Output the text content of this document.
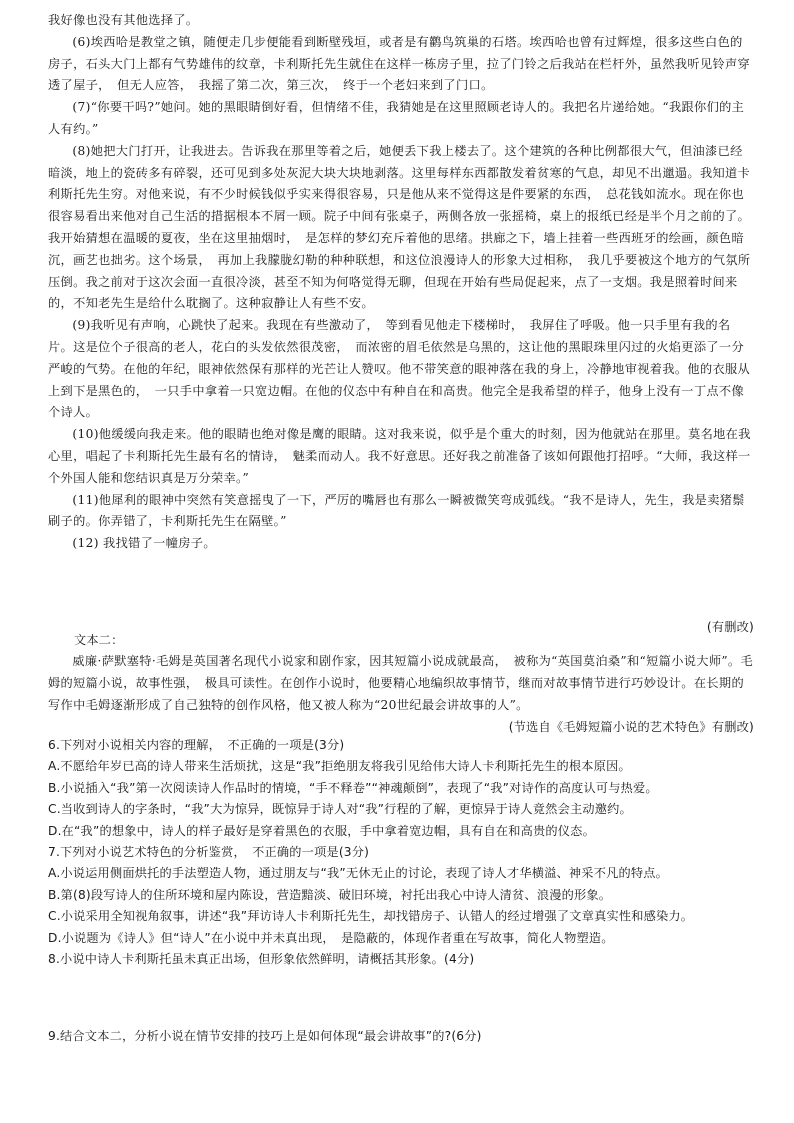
我好像也没有其他选择了。

(6)埃西哈是教堂之镇，随便走几步便能看到断壁残垣，或者是有鹳鸟筑巢的石塔。埃西哈也曾有过辉煌，很多这些白色的房子，石头大门上都有气势雄伟的纹章，卡利斯托先生就住在这样一栋房子里，拉了门铃之后我站在栏杆外，虽然我听见铃声穿透了屋子，　但无人应答，　我摇了第二次，第三次，　终于一个老妇来到了门口。

(7)“你要干吗?”她问。她的黑眼睛倒好看，但情绪不佳，我猜她是在这里照顾老诗人的。我把名片递给她。“我跟你们的主人有约。”

(8)她把大门打开，让我进去。告诉我在那里等着之后，她便丢下我上楼去了。这个建筑的各种比例都很大气，但油漆已经暗淡，地上的瓷砖多有碎裂，还可见到多处灰泥大块大块地剥落。这里每样东西都散发着贫寒的气息，却见不出邋遢。我知道卡利斯托先生穷。对他来说，有不少时候钱似乎实来得很容易，只是他从来不觉得这是件要紧的东西，　总花钱如流水。现在你也很容易看出来他对自己生活的措据根本不屑一顾。院子中间有张桌子，两侧各放一张摇椅，桌上的报纸已经是半个月之前的了。我开始猜想在温暖的夏夜，坐在这里抽烟时，　是怎样的梦幻充斥着他的思绪。拱廊之下，墙上挂着一些西班牙的绘画，颜色暗沉，画艺也拙劣。这个场景，　再加上我朦胧幻勒的种种联想，和这位浪漫诗人的形象大过相称，　我几乎要被这个地方的气氛所压倒。我之前对于这次会面一直很冷淡，甚至不知为何咯觉得无聊，但现在开始有些局促起来，点了一支烟。我是照着时间来的，不知老先生是给什么耽搁了。这种寂静让人有些不安。

(9)我听见有声响，心跳快了起来。我现在有些激动了，　等到看见他走下楼梯时，　我屏住了呼吸。他一只手里有我的名片。这是位个子很高的老人，花白的头发依然很茂密，　而浓密的眉毛依然是乌黑的，这让他的黑眼珠里闪过的火焰更添了一分严峻的气势。在他的年纪，眼神依然保有那样的光芒让人赞叹。他不带笑意的眼神落在我的身上，冷静地审视着我。他的衣服从上到下是黑色的，　一只手中拿着一只宽边帽。在他的仪态中有种自在和高贵。他完全是我希望的样子，他身上没有一丁点不像个诗人。

(10)他缓缓向我走来。他的眼睛也绝对像是鹰的眼睛。这对我来说，似乎是个重大的时刻，因为他就站在那里。莫名地在我心里，唱起了卡利斯托先生最有名的情诗，　魅柔而动人。我不好意思。还好我之前准备了该如何跟他打招呼。“大师，我这样一个外国人能和您结识真是万分荣幸。”

(11)他犀利的眼神中突然有笑意摇曳了一下，严厉的嘴唇也有那么一瞬被微笑弯成弧线。“我不是诗人，先生，我是卖猪鬃刷子的。你弄错了，卡利斯托先生在隔壁。”

(12) 我找错了一幢房子。

(有删改)

文本二：

威廉·萨默塞特·毛姆是英国著名现代小说家和剧作家，因其短篇小说成就最高，　被称为“英国莫泊桑”和“短篇小说大师”。毛姆的短篇小说，故事性强，　极具可读性。在创作小说时，他要精心地编织故事情节，继而对故事情节进行巧妙设计。在长期的写作中毛姆逐渐形成了自己独特的创作风格，他又被人称为“20世纪最会讲故事的人”。

(节选自《毛姆短篇小说的艺术特色》有删改)

6.下列对小说相关内容的理解，　不正确的一项是(3分)

A.不愿给年岁已高的诗人带来生活烦扰，这是“我”拒绝朋友将我引见给伟大诗人卡利斯托先生的根本原因。

B.小说插入“我”第一次阅读诗人作品时的情境，“手不释卷”“神魂颠倒”，表现了“我”对诗作的高度认可与热爱。

C.当收到诗人的字条时，“我”大为惊异，既惊异于诗人对“我”行程的了解，更惊异于诗人竟然会主动邀约。

D.在“我”的想象中，诗人的样子最好是穿着黑色的衣服，手中拿着宽边帽，具有自在和高贵的仪态。

7.下列对小说艺术特色的分析鉴赏，　不正确的一项是(3分)

A.小说运用侧面烘托的手法塑造人物，通过朋友与“我”无休无止的讨论，表现了诗人才华横溢、神采不凡的特点。

B.第(8)段写诗人的住所环境和屋内陈设，营造黯淡、破旧环境，衬托出我心中诗人清贫、浪漫的形象。

C.小说采用全知视角叙事，讲述“我”拜访诗人卡利斯托先生，却找错房子、认错人的经过增强了文章真实性和感染力。

D.小说题为《诗人》但“诗人”在小说中并未真出现，　是隐蔽的，体现作者重在写故事，简化人物塑造。

8.小说中诗人卡利斯托虽未真正出场，但形象依然鲜明，请概括其形象。(4分)

9.结合文本二，分析小说在情节安排的技巧上是如何体现“最会讲故事”的?(6分)
